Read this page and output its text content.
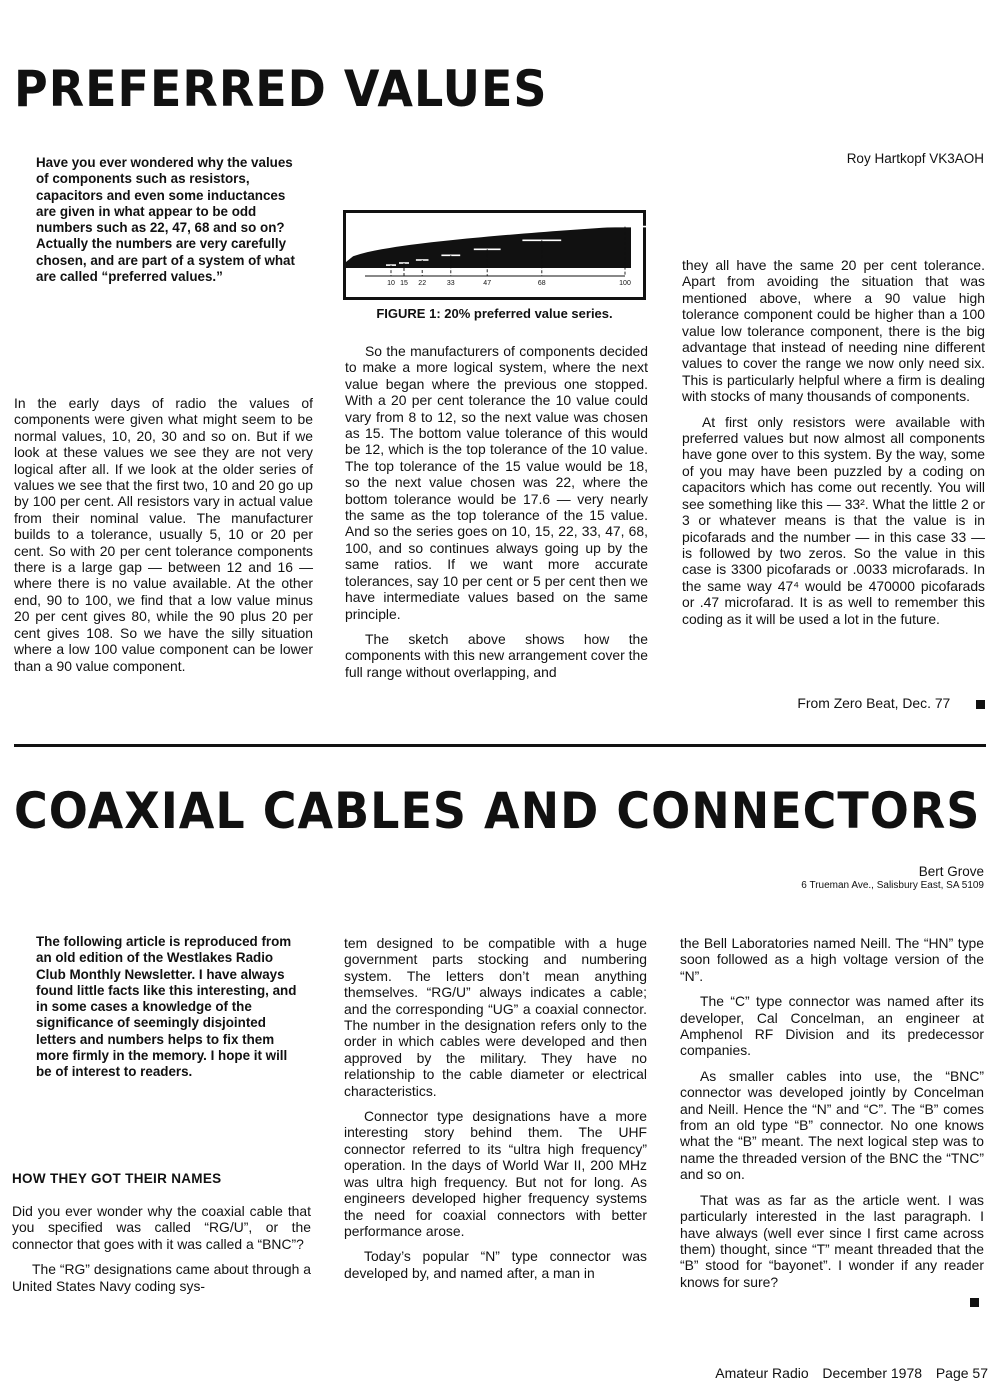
PREFERRED VALUES
Roy Hartkopf VK3AOH

Have you ever wondered why the values of components such as resistors, capacitors and even some inductances are given in what appear to be odd numbers such as 22, 47, 68 and so on? Actually the numbers are very carefully chosen, and are part of a system of what are called “preferred values.”	10 15 22	33	47	68	100
FIGURE 1: 20% preferred value series.

In the early days of radio the values of components were given what might seem to be normal values, 10, 20, 30 and so on. But if we look at these values we see they are not very logical after all. If we look at the older series of values we see that the first two, 10 and 20 go up by 100 per cent. All resistors vary in actual value from their nominal value. The manufacturer builds to a tolerance, usually 5, 10 or 20 per cent. So with 20 per cent tolerance components there is a large gap — between 12 and 16 — where there is no value available. At the other end, 90 to 100, we find that a low value minus 20 per cent gives 80, while the 90 plus 20 per cent gives 108. So we have the silly situation where a low 100 value component can be lower than a 90 value component.

So the manufacturers of components decided to make a more logical system, where the next value began where the previous one stopped. With a 20 per cent tolerance the 10 value could vary from 8 to 12, so the next value was chosen as 15. The bottom value tolerance of this would be 12, which is the top tolerance of the 10 value. The top tolerance of the 15 value would be 18, so the next value chosen was 22, where the bottom tolerance would be 17.6 — very nearly the same as the top tolerance of the 15 value. And so the series goes on 10, 15, 22, 33, 47, 68, 100, and so continues always going up by the same ratios. If we want more accurate tolerances, say 10 per cent or 5 per cent then we have intermediate values based on the same principle.

The sketch above shows how the components with this new arrangement cover the full range without overlapping, and

they all have the same 20 per cent tolerance. Apart from avoiding the situation that was mentioned above, where a 90 value high tolerance component could be higher than a 100 value low tolerance component, there is the big advantage that instead of needing nine different values to cover the range we now only need six. This is particularly helpful where a firm is dealing with stocks of many thousands of components.

At first only resistors were available with preferred values but now almost all components have gone over to this system. By the way, some of you may have been puzzled by a coding on capacitors which has come out recently. You will see something like this — 33². What the little 2 or 3 or whatever means is that the value is in picofarads and the number — in this case 33 — is followed by two zeros. So the value in this case is 3300 picofarads or .0033 microfarads. In the same way 47⁴ would be 470000 picofarads or .47 microfarad. It is as well to remember this coding as it will be used a lot in the future.

From Zero Beat, Dec. 77
COAXIAL CABLES AND CONNECTORS
Bert Grove
6 Trueman Ave., Salisbury East, SA 5109

The following article is reproduced from an old edition of the Westlakes Radio Club Monthly Newsletter. I have always found little facts like this interesting, and in some cases a knowledge of the significance of seemingly disjointed letters and numbers helps to fix them more firmly in the memory. I hope it will be of interest to readers.

HOW THEY GOT THEIR NAMES

Did you ever wonder why the coaxial cable that you specified was called “RG/U”, or the connector that goes with it was called a “BNC”?

The “RG” designations came about through a United States Navy coding sys-

tem designed to be compatible with a huge government parts stocking and numbering system. The letters don’t mean anything themselves. “RG/U” always indicates a cable; and the corresponding “UG” a coaxial connector. The number in the designation refers only to the order in which cables were developed and then approved by the military. They have no relationship to the cable diameter or electrical characteristics.

Connector type designations have a more interesting story behind them. The UHF connector referred to its “ultra high frequency” operation. In the days of World War II, 200 MHz was ultra high frequency. But not for long. As engineers developed higher frequency systems the need for coaxial connectors with better performance arose.

Today’s popular “N” type connector was developed by, and named after, a man in

the Bell Laboratories named Neill. The “HN” type soon followed as a high voltage version of the “N”.

The “C” type connector was named after its developer, Cal Concelman, an engineer at Amphenol RF Division and its predecessor companies.

As smaller cables into use, the “BNC” connector was developed jointly by Concelman and Neill. Hence the “N” and “C”. The “B” comes from an old type “B” connector. No one knows what the “B” meant. The next logical step was to name the threaded version of the BNC the “TNC” and so on.

That was as far as the article went. I was particularly interested in the last paragraph. I have always (well ever since I first came across them) thought, since “T” meant threaded that the “B” stood for “bayonet”. I wonder if any reader knows for sure?

Amateur Radio December 1978 Page 57
